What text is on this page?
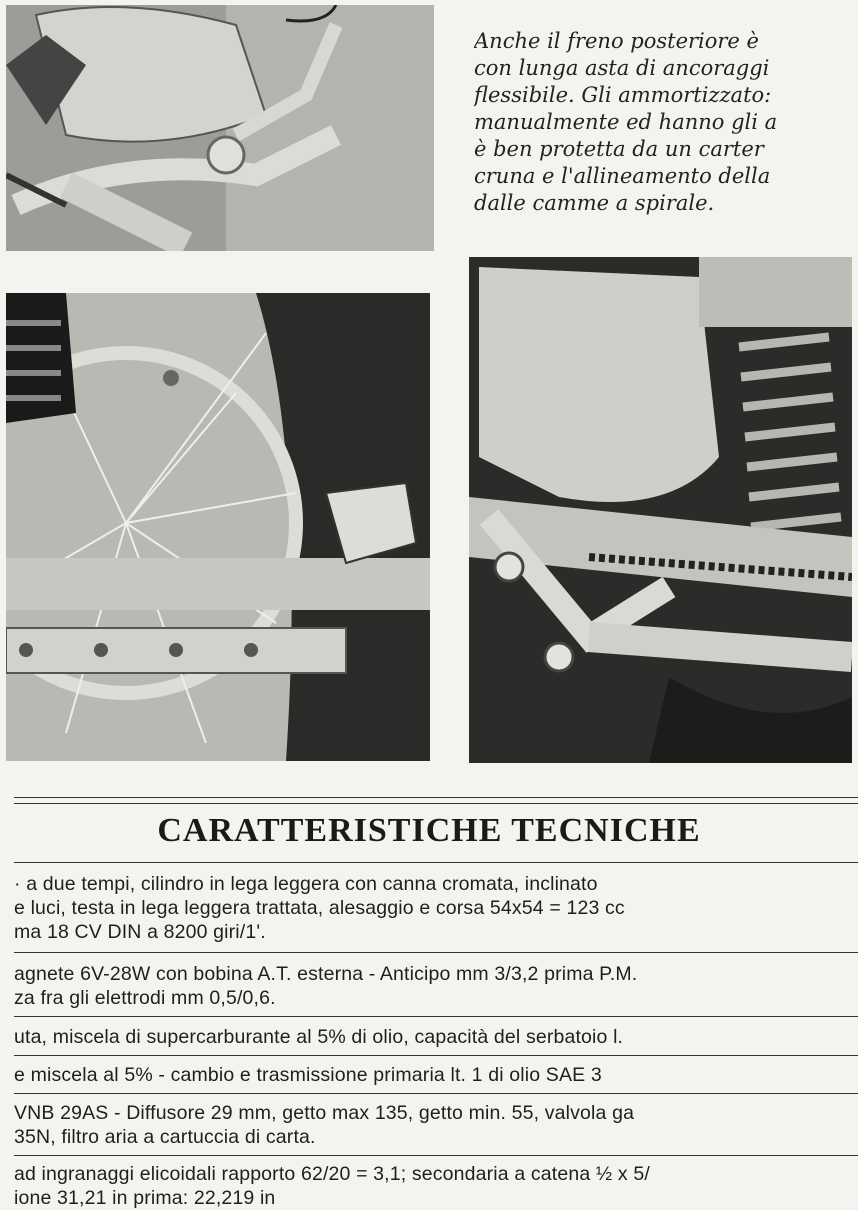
Anche il freno posteriore è
con lunga asta di ancoraggi
flessibile. Gli ammortizzato:
manualmente ed hanno gli a
è ben protetta da un carter
cruna e l'allineamento della
dalle camme a spirale.
CARATTERISTICHE TECNICHE
· a due tempi, cilindro in lega leggera con canna cromata, inclinato
e luci, testa in lega leggera trattata, alesaggio e corsa 54x54 = 123 cc
ma 18 CV DIN a 8200 giri/1'.
agnete 6V-28W con bobina A.T. esterna - Anticipo mm 3/3,2 prima P.M.
za fra gli elettrodi mm 0,5/0,6.
uta, miscela di supercarburante al 5% di olio, capacità del serbatoio l.
e miscela al 5% - cambio e trasmissione primaria lt. 1 di olio SAE 3
VNB 29AS - Diffusore 29 mm, getto max 135, getto min. 55, valvola ga
35N, filtro aria a cartuccia di carta.
ad ingranaggi elicoidali rapporto 62/20 = 3,1; secondaria a catena ½ x 5/
ione 31,21 in prima: 22,219 in
